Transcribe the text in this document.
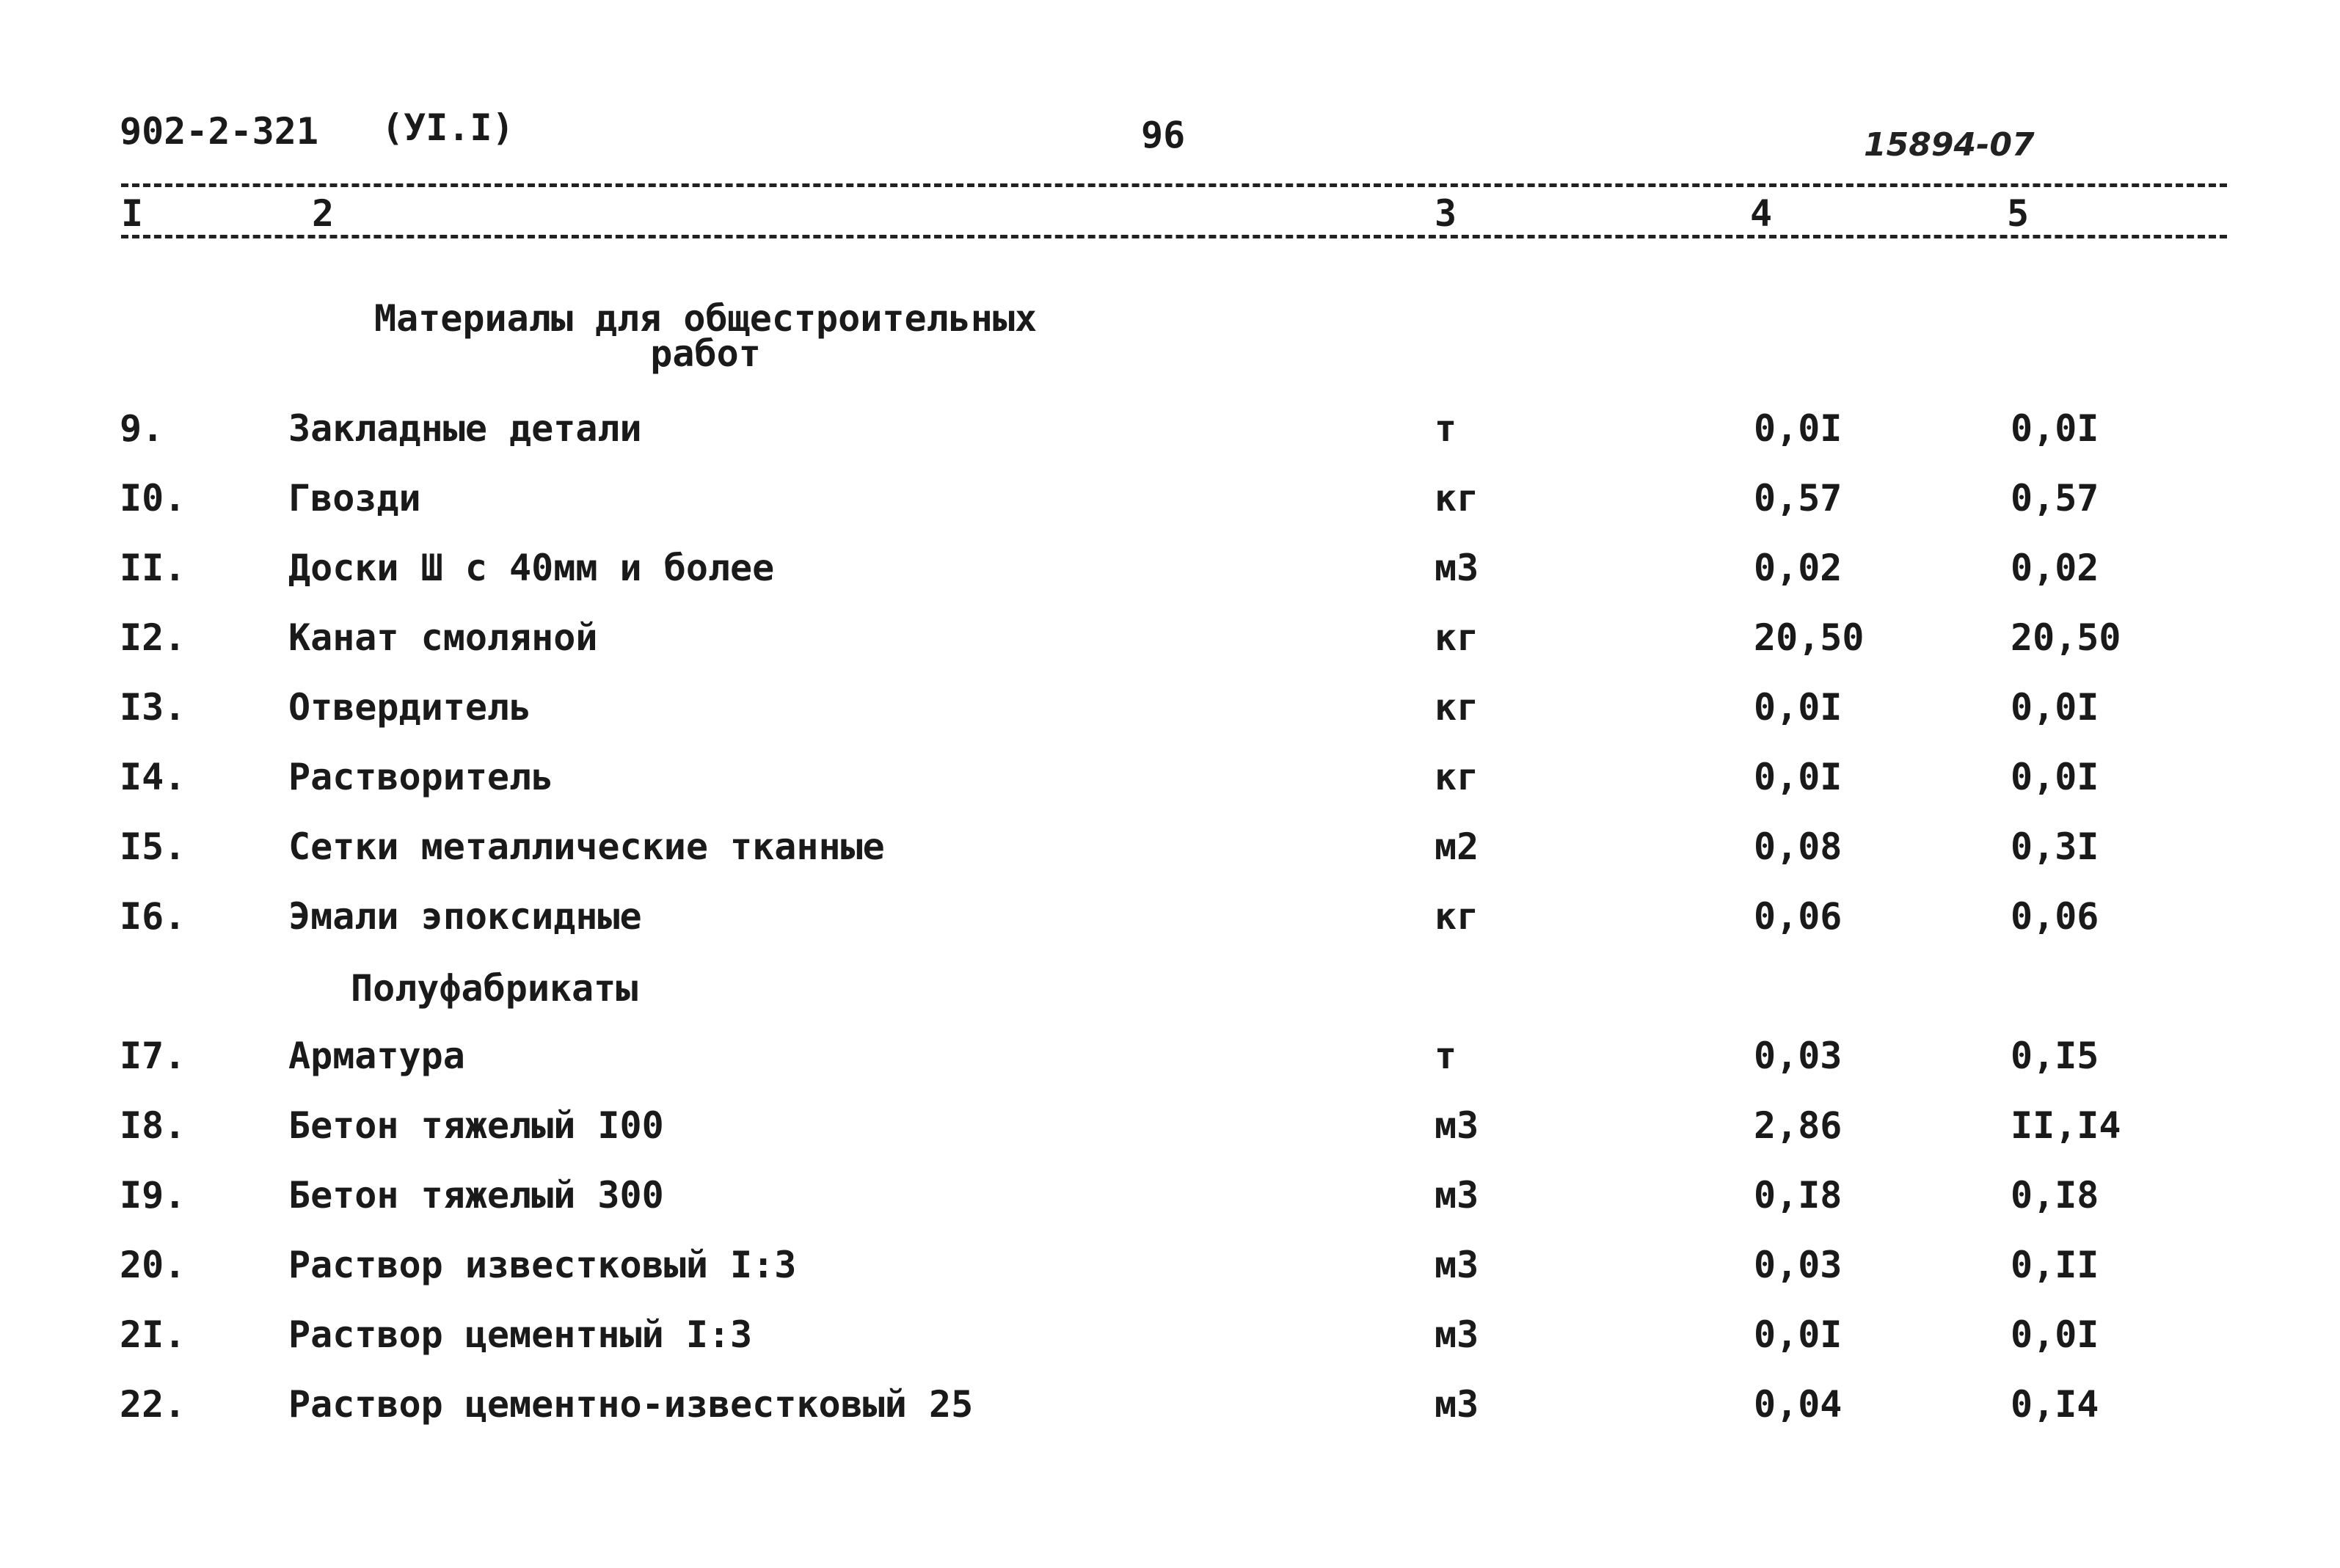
902-2-321 (УI.I)	96	15894-07
I	2	3	4	5
Материалы для общестроительных
работ
9.	Закладные детали	т	0,0I	0,0I
I0.	Гвозди	кг	0,57	0,57
II.	Доски Ш с 40мм и более	м3	0,02	0,02
I2.	Канат смоляной	кг	20,50	20,50
I3.	Отвердитель	кг	0,0I	0,0I
I4.	Растворитель	кг	0,0I	0,0I
I5.	Сетки металлические тканные	м2	0,08	0,3I
I6.	Эмали эпоксидные	кг	0,06	0,06
I7.	Арматура	т	0,03	0,I5
I8.	Бетон тяжелый I00	м3	2,86	II,I4
I9.	Бетон тяжелый 300	м3	0,I8	0,I8
20.	Раствор известковый I:3	м3	0,03	0,II
2I.	Раствор цементный I:3	м3	0,0I	0,0I
22.	Раствор цементно-известковый 25	м3	0,04	0,I4
Полуфабрикаты
